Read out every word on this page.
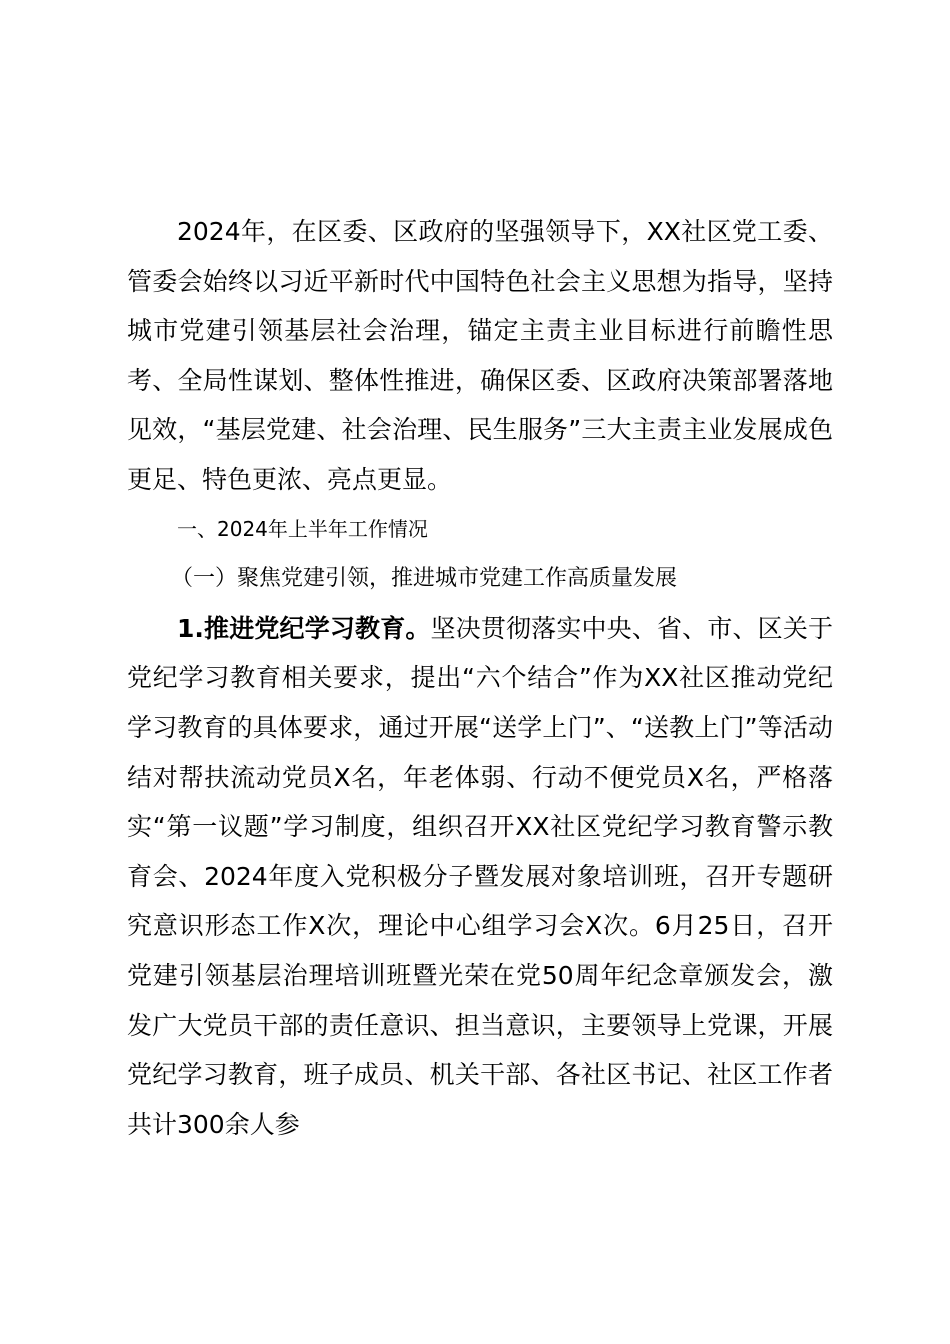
2024年，在区委、区政府的坚强领导下，XX社区党工委、管委会始终以习近平新时代中国特色社会主义思想为指导，坚持城市党建引领基层社会治理，锚定主责主业目标进行前瞻性思考、全局性谋划、整体性推进，确保区委、区政府决策部署落地见效，“基层党建、社会治理、民生服务”三大主责主业发展成色更足、特色更浓、亮点更显。

一、2024年上半年工作情况

（一）聚焦党建引领，推进城市党建工作高质量发展

1.推进党纪学习教育。坚决贯彻落实中央、省、市、区关于党纪学习教育相关要求，提出“六个结合”作为XX社区推动党纪学习教育的具体要求，通过开展“送学上门”、“送教上门”等活动结对帮扶流动党员X名，年老体弱、行动不便党员X名，严格落实“第一议题”学习制度，组织召开XX社区党纪学习教育警示教育会、2024年度入党积极分子暨发展对象培训班，召开专题研究意识形态工作X次，理论中心组学习会X次。6月25日，召开党建引领基层治理培训班暨光荣在党50周年纪念章颁发会，激发广大党员干部的责任意识、担当意识，主要领导上党课，开展党纪学习教育，班子成员、机关干部、各社区书记、社区工作者共计300余人参
